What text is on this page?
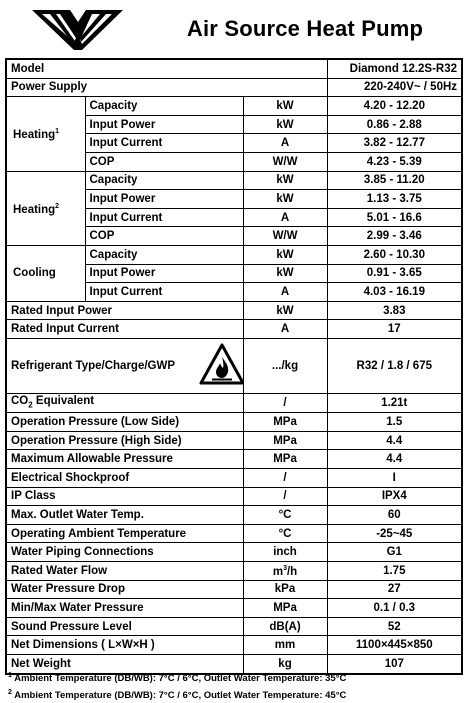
Air Source Heat Pump
Model			Diamond 12.2S-R32
Power Supply			220-240V~ / 50Hz
Heating$^1$	Capacity	kW	4.20 - 12.20
	Input Power	kW	0.86 - 2.88
	Input Current	A	3.82 - 12.77
	COP	W/W	4.23 - 5.39
Heating$^2$	Capacity	kW	3.85 - 11.20
	Input Power	kW	1.13 - 3.75
	Input Current	A	5.01 - 16.6
	COP	W/W	2.99 - 3.46
Cooling	Capacity	kW	2.60 - 10.30
	Input Power	kW	0.91 - 3.65
	Input Current	A	4.03 - 16.19
Rated Input Power		kW	3.83
Rated Input Current		A	17
Refrigerant Type/Charge/GWP		.../kg	R32 / 1.8 / 675
$CO_2$ Equivalent		/	1.21t
Operation Pressure (Low Side)		MPa	1.5
Operation Pressure (High Side)		MPa	4.4
Maximum Allowable Pressure		MPa	4.4
Electrical Shockproof		/	I
IP Class		/	IPX4
Max. Outlet Water Temp.		°C	60
Operating Ambient Temperature		°C	-25~45
Water Piping Connections		inch	G1
Rated Water Flow		$m^3/h$	1.75
Water Pressure Drop		kPa	27
Min/Max Water Pressure		MPa	0.1 / 0.3
Sound Pressure Level		dB(A)	52
Net Dimensions ( L×W×H )		mm	1100×445×850
Net Weight		kg	107
$^1$ Ambient Temperature (DB/WB): 7°C / 6°C, Outlet Water Temperature: 35°C
$^2$ Ambient Temperature (DB/WB): 7°C / 6°C, Outlet Water Temperature: 45°C
